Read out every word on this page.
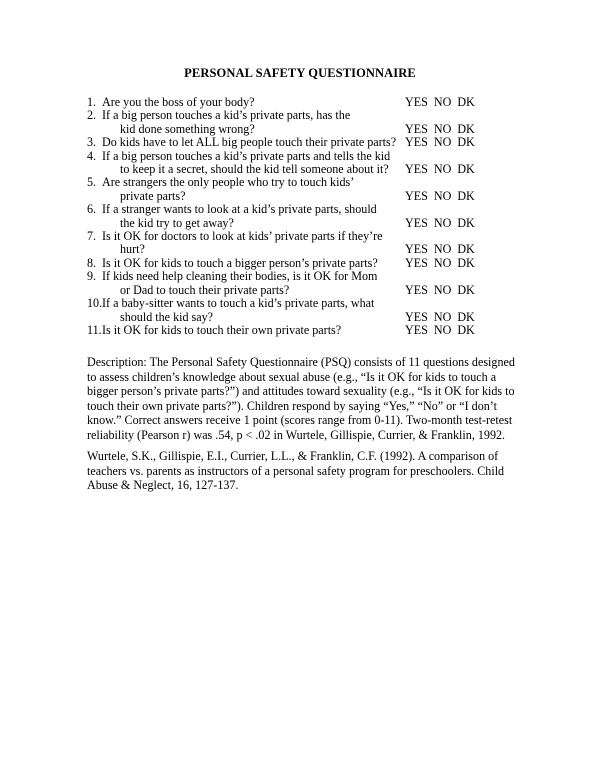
PERSONAL SAFETY QUESTIONNAIRE
1. Are you the boss of your body?	YES NO DK
2. If a big person touches a kid’s private parts, has the
kid done something wrong?	YES NO DK
3. Do kids have to let ALL big people touch their private parts? YES NO DK
4. If a big person touches a kid’s private parts and tells the kid
to keep it a secret, should the kid tell someone about it?	YES NO DK
5. Are strangers the only people who try to touch kids’
private parts?	YES NO DK
6. If a stranger wants to look at a kid’s private parts, should
the kid try to get away?	YES NO DK
7. Is it OK for doctors to look at kids’ private parts if they’re
hurt?	YES NO DK
8. Is it OK for kids to touch a bigger person’s private parts?	YES NO DK
9. If kids need help cleaning their bodies, is it OK for Mom
or Dad to touch their private parts?	YES NO DK
10. If a baby-sitter wants to touch a kid’s private parts, what
should the kid say?	YES NO DK
11. Is it OK for kids to touch their own private parts?	YES NO DK
Description: The Personal Safety Questionnaire (PSQ) consists of 11 questions designed
to assess children’s knowledge about sexual abuse (e.g., “Is it OK for kids to touch a
bigger person’s private parts?”) and attitudes toward sexuality (e.g., “Is it OK for kids to
touch their own private parts?”). Children respond by saying “Yes,” “No” or “I don’t
know.” Correct answers receive 1 point (scores range from 0-11). Two-month test-retest
reliability (Pearson r) was .54, p < .02 in Wurtele, Gillispie, Currier, & Franklin, 1992.
Wurtele, S.K., Gillispie, E.I., Currier, L.L., & Franklin, C.F. (1992). A comparison of
teachers vs. parents as instructors of a personal safety program for preschoolers. Child
Abuse & Neglect, 16, 127-137.
